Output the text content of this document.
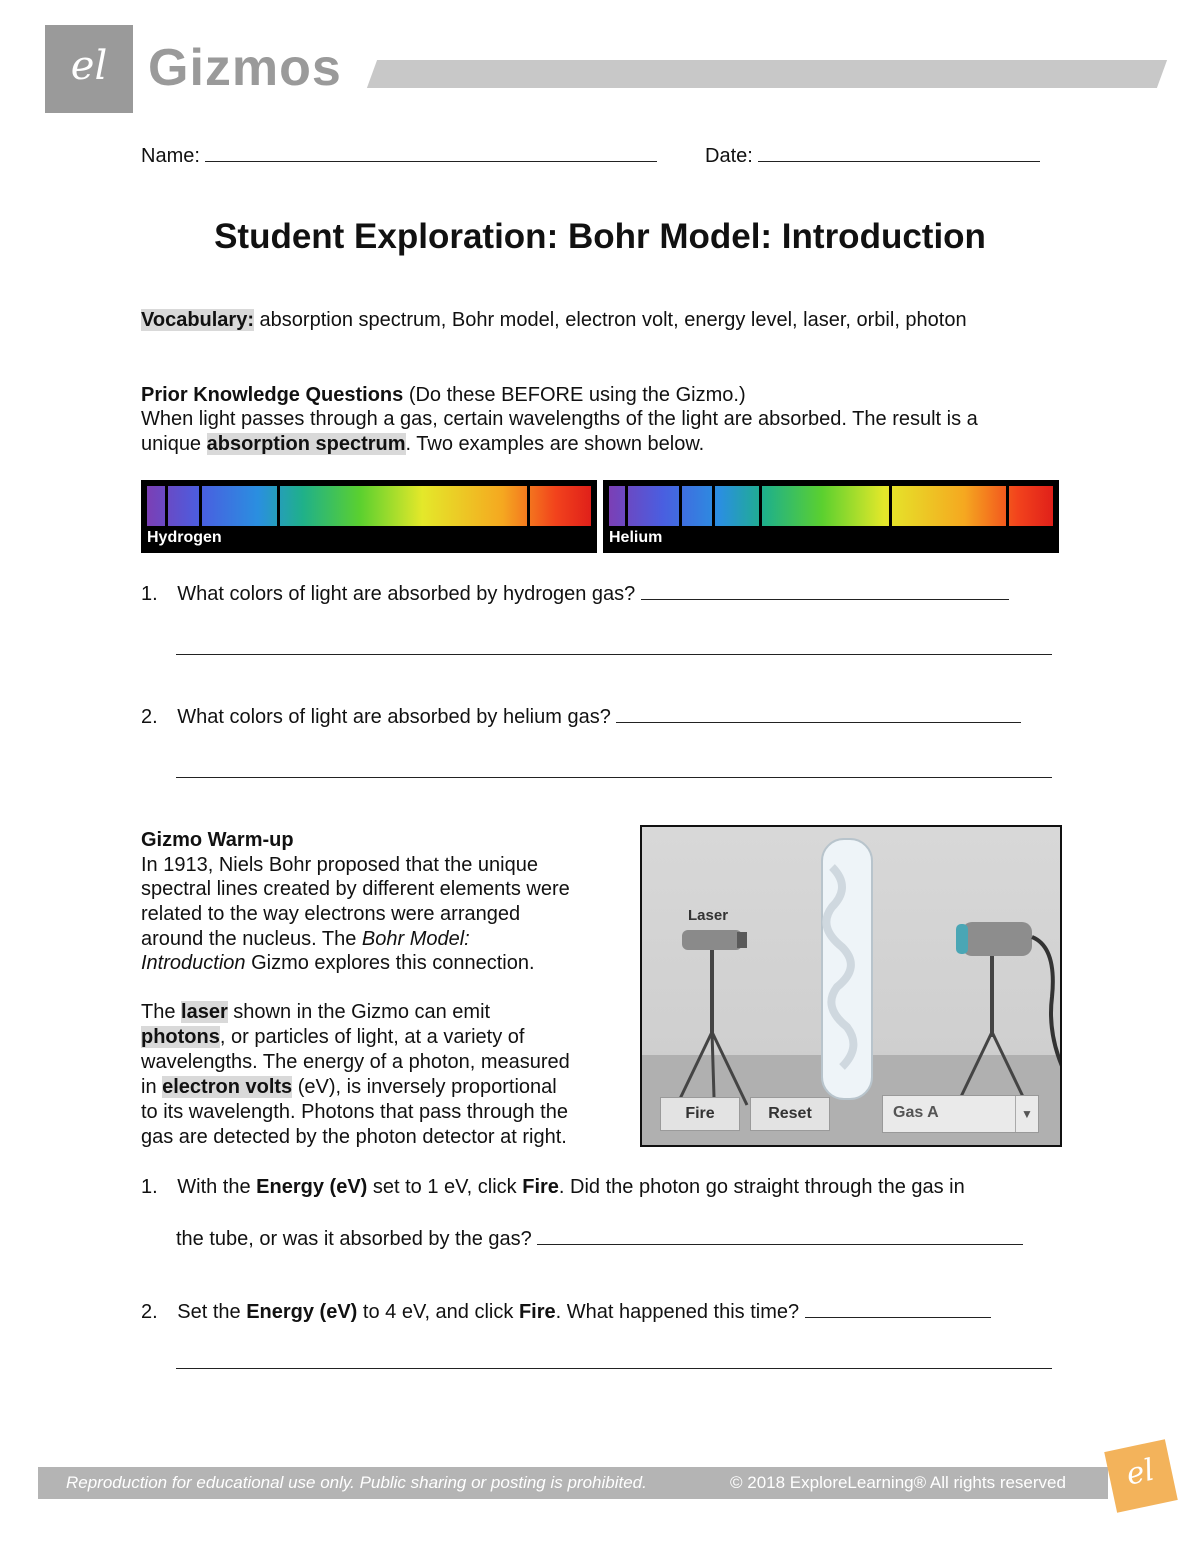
el Gizmos
Name:	Date:
Student Exploration: Bohr Model: Introduction
Vocabulary: absorption spectrum, Bohr model, electron volt, energy level, laser, orbil, photon
Prior Knowledge Questions (Do these BEFORE using the Gizmo.)
When light passes through a gas, certain wavelengths of the light are absorbed. The result is a
unique absorption spectrum. Two examples are shown below.
Hydrogen	Helium
1. What colors of light are absorbed by hydrogen gas?
2. What colors of light are absorbed by helium gas?
Gizmo Warm-up
In 1913, Niels Bohr proposed that the unique
spectral lines created by different elements were
related to the way electrons were arranged
around the nucleus. The Bohr Model:
Introduction Gizmo explores this connection.
The laser shown in the Gizmo can emit
photons, or particles of light, at a variety of
wavelengths. The energy of a photon, measured
in electron volts (eV), is inversely proportional
to its wavelength. Photons that pass through the
gas are detected by the photon detector at right.
Laser
Fire	Reset	Gas A	▼
1. With the Energy (eV) set to 1 eV, click Fire. Did the photon go straight through the gas in
the tube, or was it absorbed by the gas?
2. Set the Energy (eV) to 4 eV, and click Fire. What happened this time?
Reproduction for educational use only. Public sharing or posting is prohibited.	© 2018 ExploreLearning® All rights reserved	el
